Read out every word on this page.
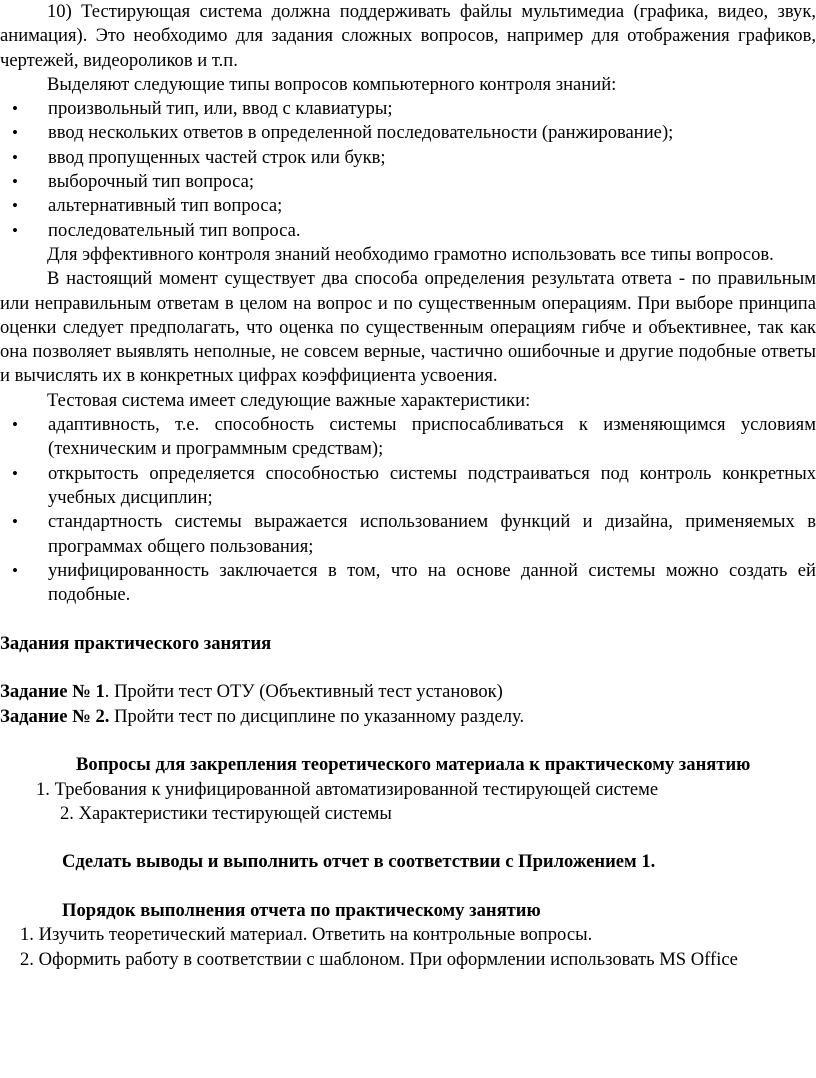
10) Тестирующая система должна поддерживать файлы мультимедиа (графика, видео, звук, анимация). Это необходимо для задания сложных вопросов, например для отображения графиков, чертежей, видеороликов и т.п.

Выделяют следующие типы вопросов компьютерного контроля знаний:

• произвольный тип, или, ввод с клавиатуры;
• ввод нескольких ответов в определенной последовательности (ранжирование);
• ввод пропущенных частей строк или букв;
• выборочный тип вопроса;
• альтернативный тип вопроса;
• последовательный тип вопроса.

Для эффективного контроля знаний необходимо грамотно использовать все типы вопросов.

В настоящий момент существует два способа определения результата ответа - по правильным или неправильным ответам в целом на вопрос и по существенным операциям. При выборе принципа оценки следует предполагать, что оценка по существенным операциям гибче и объективнее, так как она позволяет выявлять неполные, не совсем верные, частично ошибочные и другие подобные ответы и вычислять их в конкретных цифрах коэффициента усвоения.

Тестовая система имеет следующие важные характеристики:

• адаптивность, т.е. способность системы приспосабливаться к изменяющимся условиям (техническим и программным средствам);
• открытость определяется способностью системы подстраиваться под контроль конкретных учебных дисциплин;
• стандартность системы выражается использованием функций и дизайна, применяемых в программах общего пользования;
• унифицированность заключается в том, что на основе данной системы можно создать ей подобные.

Задания практического занятия

Задание № 1. Пройти тест ОТУ (Объективный тест установок)

Задание № 2. Пройти тест по дисциплине по указанному разделу.

Вопросы для закрепления теоретического материала к практическому занятию

1. Требования к унифицированной автоматизированной тестирующей системе

2. Характеристики тестирующей системы

Сделать выводы и выполнить отчет в соответствии с Приложением 1.

Порядок выполнения отчета по практическому занятию

1. Изучить теоретический материал. Ответить на контрольные вопросы.

2. Оформить работу в соответствии с шаблоном. При оформлении использовать MS Office
